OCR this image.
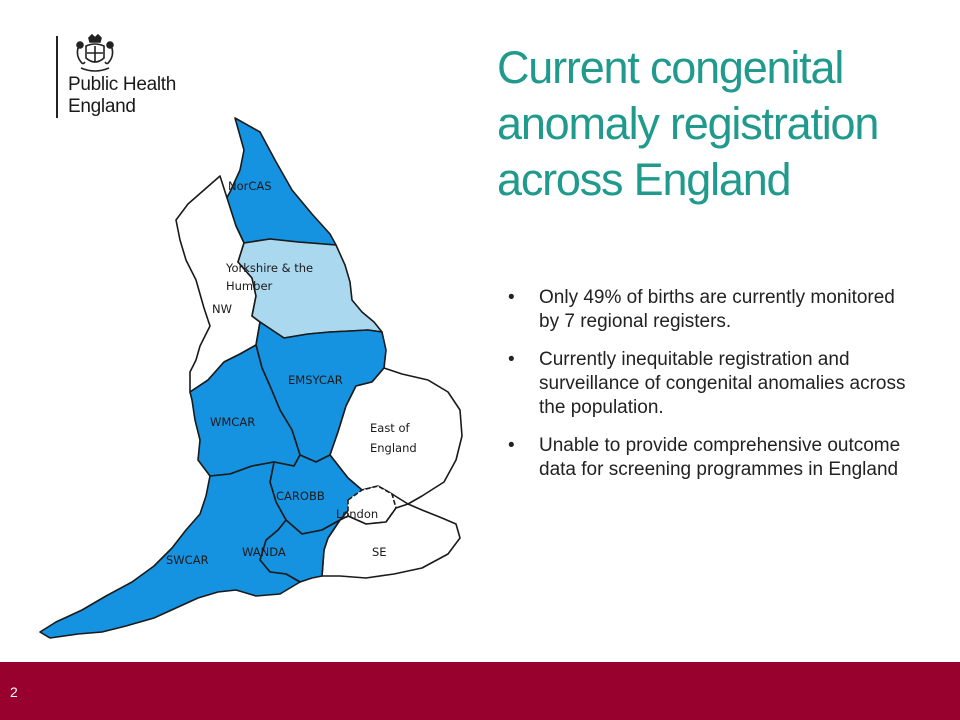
Public Health
England
Current congenital
anomaly registration
across England
NorCAS
Yorkshire & the
Humber
NW
EMSYCAR
WMCAR	East of
England
CAROBB
London
WANDA
SWCAR
SE
• Only 49% of births are currently monitored by 7 regional registers.
• Currently inequitable registration and surveillance of congenital anomalies across the population.
• Unable to provide comprehensive outcome data for screening programmes in England
2
